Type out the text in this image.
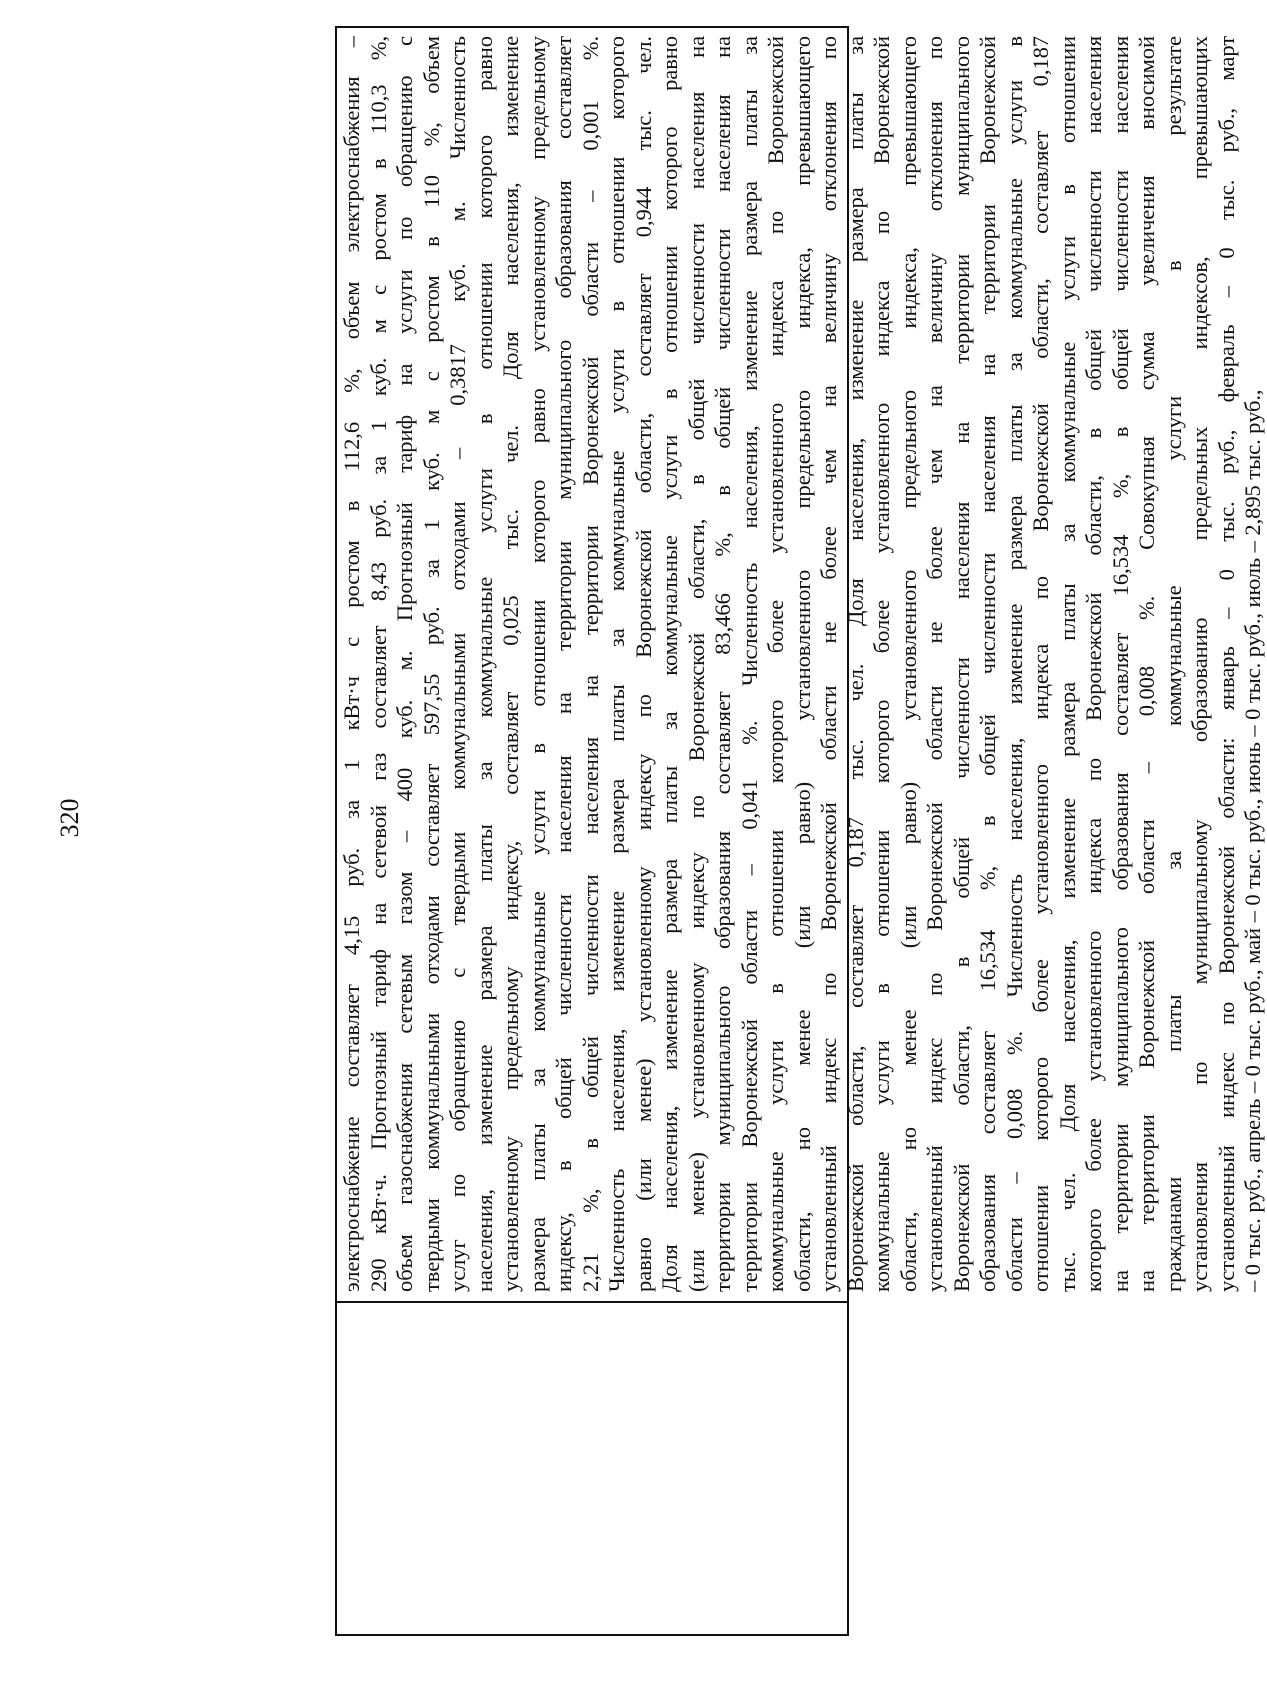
320	электроснабжение составляет 4,15 руб. за 1 кВт·ч с ростом в 112,6 %, объем электроснабжения – 290 кВт·ч. Прогнозный тариф на сетевой газ составляет 8,43 руб. за 1 куб. м с ростом в 110,3 %, объем газоснабжения сетевым газом – 400 куб. м. Прогнозный тариф на услуги по обращению с твердыми коммунальными отходами составляет 597,55 руб. за 1 куб. м с ростом в 110 %, объем услуг по обращению с твердыми коммунальными отходами – 0,3817 куб. м. Численность населения, изменение размера платы за коммунальные услуги в отношении которого равно установленному предельному индексу, составляет 0,025 тыс. чел. Доля населения, изменение размера платы за коммунальные услуги в отношении которого равно установленному предельному индексу, в общей численности населения на территории муниципального образования составляет 2,21 %, в общей численности населения на территории Воронежской области – 0,001 %. Численность населения, изменение размера платы за коммунальные услуги в отношении которого равно (или менее) установленному индексу по Воронежской области, составляет 0,944 тыс. чел. Доля населения, изменение размера платы за коммунальные услуги в отношении которого равно (или менее) установленному индексу по Воронежской области, в общей численности населения на территории муниципального образования составляет 83,466 %, в общей численности населения на территории Воронежской области – 0,041 %. Численность населения, изменение размера платы за коммунальные услуги в отношении которого более установленного индекса по Воронежской области, но менее (или равно) установленного предельного индекса, превышающего установленный индекс по Воронежской области не более чем на величину отклонения по Воронежской области, составляет 0,187 тыс. чел. Доля населения, изменение размера платы за коммунальные услуги в отношении которого более установленного индекса по Воронежской области, но менее (или равно) установленного предельного индекса, превышающего установленный индекс по Воронежской области не более чем на величину отклонения по Воронежской области, в общей численности населения на территории муниципального образования составляет 16,534 %, в общей численности населения на территории Воронежской области – 0,008 %. Численность населения, изменение размера платы за коммунальные услуги в отношении которого более установленного индекса по Воронежской области, составляет 0,187 тыс. чел. Доля населения, изменение размера платы за коммунальные услуги в отношении которого более установленного индекса по Воронежской области, в общей численности населения на территории муниципального образования составляет 16,534 %, в общей численности населения на территории Воронежской области – 0,008 %. Совокупная сумма увеличения вносимой гражданами платы за коммунальные услуги в результате установления по муниципальному образованию предельных индексов, превышающих установленный индекс по Воронежской области: январь – 0 тыс. руб., февраль – 0 тыс. руб., март – 0 тыс. руб., апрель – 0 тыс. руб., май – 0 тыс. руб., июнь – 0 тыс. руб., июль – 2,895 тыс. руб.,
